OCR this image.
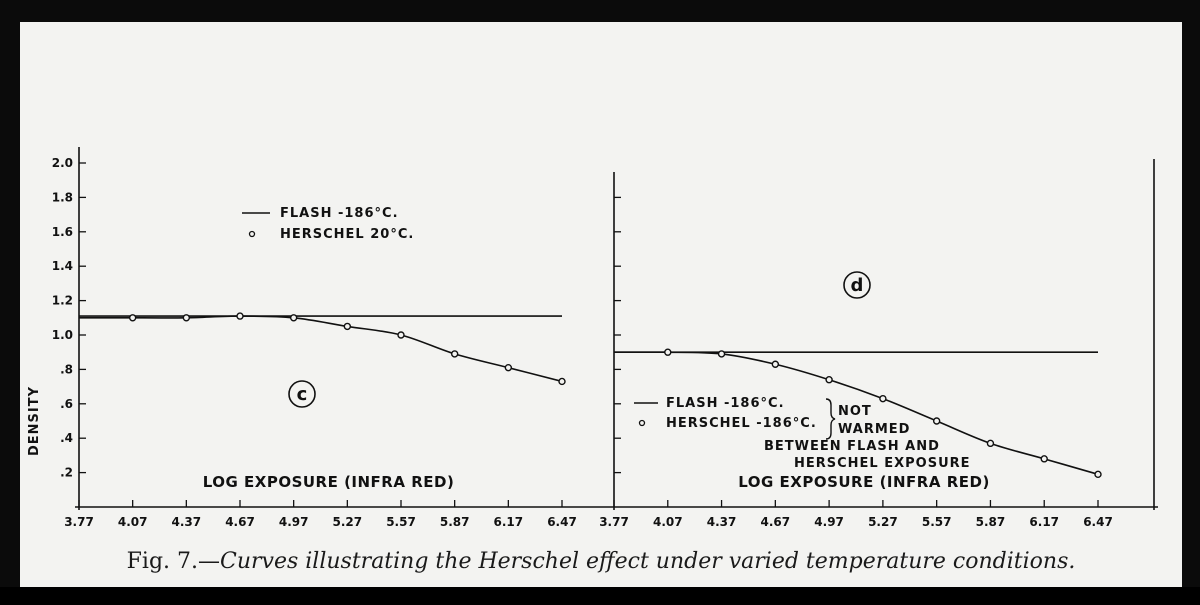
2.0
1.8
1.6
1.4
1.2
1.0
.8
.6
.4
.2
DENSITY
3.77 4.07 4.37 4.67 4.97 5.27 5.57 5.87 6.17 6.47
LOG EXPOSURE (INFRA RED)
c
FLASH -186°C.
HERSCHEL 20°C.
3.77 4.07 4.37 4.67 4.97 5.27 5.57 5.87 6.17 6.47
LOG EXPOSURE (INFRA RED)
d
FLASH -186°C.
HERSCHEL -186°C.
NOT
WARMED
BETWEEN FLASH AND
HERSCHEL EXPOSURE
Fig. 7.—Curves illustrating the Herschel effect under varied temperature conditions.
